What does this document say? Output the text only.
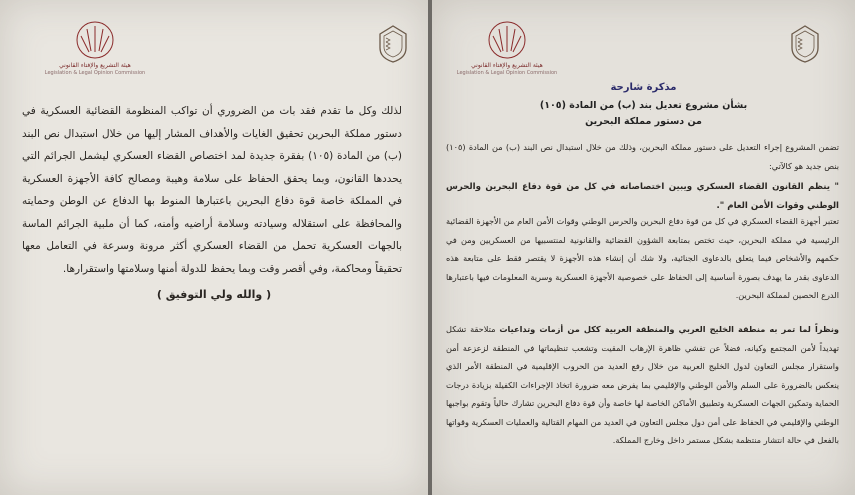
هيئة التشريع والإفتاء القانوني
Legislation & Legal Opinion Commission
لذلك وكل ما تقدم فقد بات من الضروري أن تواكب المنظومة القضائية العسكرية في دستور مملكة البحرين تحقيق الغايات والأهداف المشار إليها من خلال استبدال نص البند (ب) من المادة (١٠٥) بفقرة جديدة لمد اختصاص القضاء العسكري ليشمل الجرائم التي يحددها القانون، وبما يحقق الحفاظ على سلامة وهيبة ومصالح كافة الأجهزة العسكرية في المملكة خاصة قوة دفاع البحرين باعتبارها المنوط بها الدفاع عن الوطن وحمايته والمحافظة على استقلاله وسيادته وسلامة أراضيه وأمنه، كما أن ملبية الجرائم الماسة بالجهات العسكرية تحمل من القضاء العسكري أكثر مرونة وسرعة في التعامل معها تحقيقاً ومحاكمة، وفي أقصر وقت وبما يحفظ للدولة أمنها وسلامتها واستقرارها.
( والله ولي التوفيق )
هيئة التشريع والإفتاء القانوني
Legislation & Legal Opinion Commission
مذكرة شارحة
بشأن مشروع تعديل بند (ب) من المادة (١٠٥)
من دستور مملكة البحرين
تضمن المشروع إجراء التعديل على دستور مملكة البحرين، وذلك من خلال استبدال نص البند (ب) من المادة (١٠٥) بنص جديد هو كالآتي:
" ينظم القانون القضاء العسكري ويبين اختصاصاته في كل من قوة دفاع البحرين والحرس الوطني وقوات الأمن العام ".
تعتبر أجهزة القضاء العسكري في كل من قوة دفاع البحرين والحرس الوطني وقوات الأمن العام من الأجهزة القضائية الرئيسية في مملكة البحرين، حيث تختص بمتابعة الشؤون القضائية والقانونية لمنتسبيها من العسكريين ومن في حكمهم والأشخاص فيما يتعلق بالدعاوى الجنائية، ولا شك أن إنشاء هذه الأجهزة لا يقتصر فقط على متابعة هذه الدعاوى بقدر ما يهدف بصورة أساسية إلى الحفاظ على خصوصية الأجهزة العسكرية وسرية المعلومات فيها باعتبارها الدرع الحصين لمملكة البحرين.
ونظراً لما تمر به منطقة الخليج العربي والمنطقة العربية ككل من أزمات وتداعيات متلاحقة تشكل تهديداً لأمن المجتمع وكيانه، فضلاً عن تفشي ظاهرة الإرهاب المقيت وتشعب تنظيماتها في المنطقة لزعزعة أمن واستقرار مجلس التعاون لدول الخليج العربية من خلال رفع العديد من الحروب الإقليمية في المنطقة الأمر الذي ينعكس بالضرورة على السلم والأمن الوطني والإقليمي بما يفرض معه ضرورة اتخاذ الإجراءات الكفيلة بزيادة درجات الحماية وتمكين الجهات العسكرية وتطبيق الأماكن الخاصة لها خاصة وأن قوة دفاع البحرين تشارك حالياً وتقوم بواجبها الوطني والإقليمي في الحفاظ على أمن دول مجلس التعاون في العديد من المهام القتالية والعمليات العسكرية وقواتها بالفعل في حالة انتشار منتظمة بشكل مستمر داخل وخارج المملكة.
